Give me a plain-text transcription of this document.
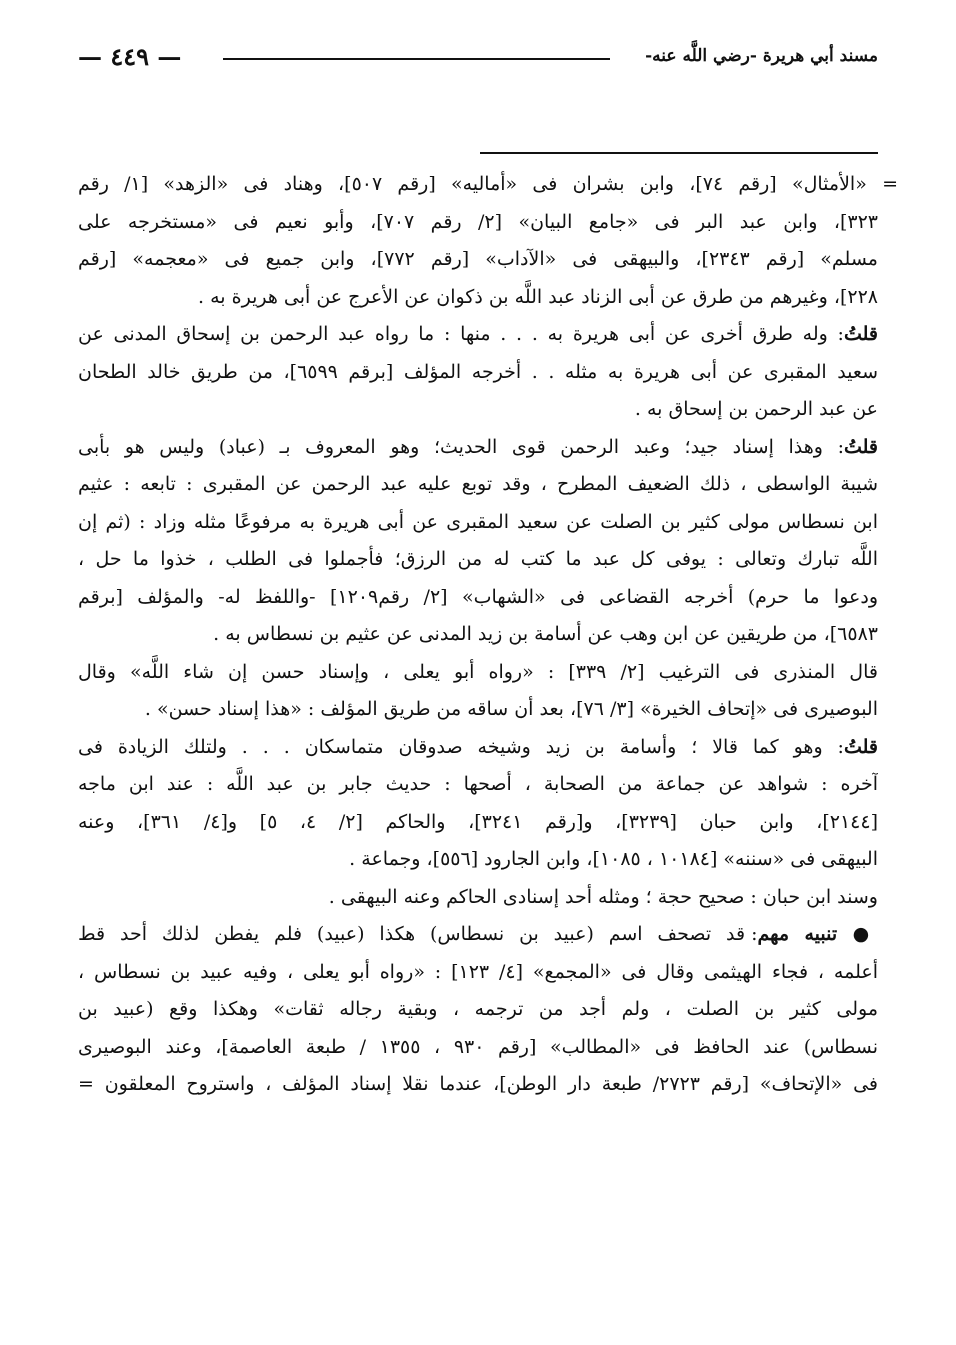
مسند أبي هريرة -رضي اللَّه عنه-
— ٤٤٩ —
= «الأمثال» [رقم ٧٤]، وابن بشران فى «أماليه» [رقم ٥٠٧]، وهناد فى «الزهد» [١/ رقم
٣٢٣]، وابن عبد البر فى «جامع البيان» [٢/ رقم ٧٠٧]، وأبو نعيم فى «مستخرجه على
مسلم» [رقم ٢٣٤٣]، والبيهقى فى «الآداب» [رقم ٧٧٢]، وابن جميع فى «معجمه» [رقم
٢٢٨]، وغيرهم من طرق عن أبى الزناد عبد اللَّه بن ذكوان عن الأعرج عن أبى هريرة به .
قلتُ: وله طرق أخرى عن أبى هريرة به . . . منها : ما رواه عبد الرحمن بن إسحاق المدنى عن
سعيد المقبرى عن أبى هريرة به مثله . . أخرجه المؤلف [برقم ٦٥٩٩]، من طريق خالد الطحان
عن عبد الرحمن بن إسحاق به .
قلتُ: وهذا إسناد جيد؛ وعبد الرحمن قوى الحديث؛ وهو المعروف بـ (عباد) وليس هو بأبى
شيبة الواسطى ، ذلك الضعيف المطرح ، وقد توبع عليه عبد الرحمن عن المقبرى : تابعه : عثيم
ابن نسطاس مولى كثير بن الصلت عن سعيد المقبرى عن أبى هريرة به مرفوعًا مثله وزاد : (ثم إن
اللَّه تبارك وتعالى : يوفى كل عبد ما كتب له من الرزق؛ فأجملوا فى الطلب ، خذوا ما حل ،
ودعوا ما حرم) أخرجه القضاعى فى «الشهاب» [٢/ رقم١٢٠٩] -واللفظ له- والمؤلف [برقم
٦٥٨٣]، من طريقين عن ابن وهب عن أسامة بن زيد المدنى عن عثيم بن نسطاس به .
قال المنذرى فى الترغيب [٢/ ٣٣٩] : «رواه أبو يعلى ، وإسناد حسن إن شاء اللَّه» وقال
البوصيرى فى «إتحاف الخيرة» [٣/ ٧٦]، بعد أن ساقه من طريق المؤلف : «هذا إسناد حسن» .
قلتُ: وهو كما قالا ؛ وأسامة بن زيد وشيخه صدوقان متماسكان . . . ولتلك الزيادة فى
آخره : شواهد عن جماعة من الصحابة ، أصحها : حديث جابر بن عبد اللَّه : عند ابن ماجه
[٢١٤٤]، وابن حبان [٣٢٣٩]، و[رقم ٣٢٤١]، والحاكم [٢/ ٤، ٥] و[٤/ ٣٦١]، وعنه
البيهقى فى «سننه» [١٠١٨٤ ، ١٠٨٥]، وابن الجارود [٥٥٦]، وجماعة .
وسند ابن حبان : صحيح حجة ؛ ومثله أحد إسنادى الحاكم وعنه البيهقى .
● تنبيه مهم: قد تصحف اسم (عبيد بن نسطاس) هكذا (عبيد) فلم يفطن لذلك أحد قط
أعلمه ، فجاء الهيثمى وقال فى «المجمع» [٤/ ١٢٣] : «رواه أبو يعلى ، وفيه عبيد بن نسطاس ،
مولى كثير بن الصلت ، ولم أجد من ترجمه ، وبقية رجاله ثقات» وهكذا وقع (عبيد بن
نسطاس) عند الحافظ فى «المطالب» [رقم ٩٣٠ ، ١٣٥٥ / طبعة العاصمة]، وعند البوصيرى
فى «الإتحاف» [رقم ٢٧٢٣/ طبعة دار الوطن]، عندما نقلا إسناد المؤلف ، واستروح المعلقون =
